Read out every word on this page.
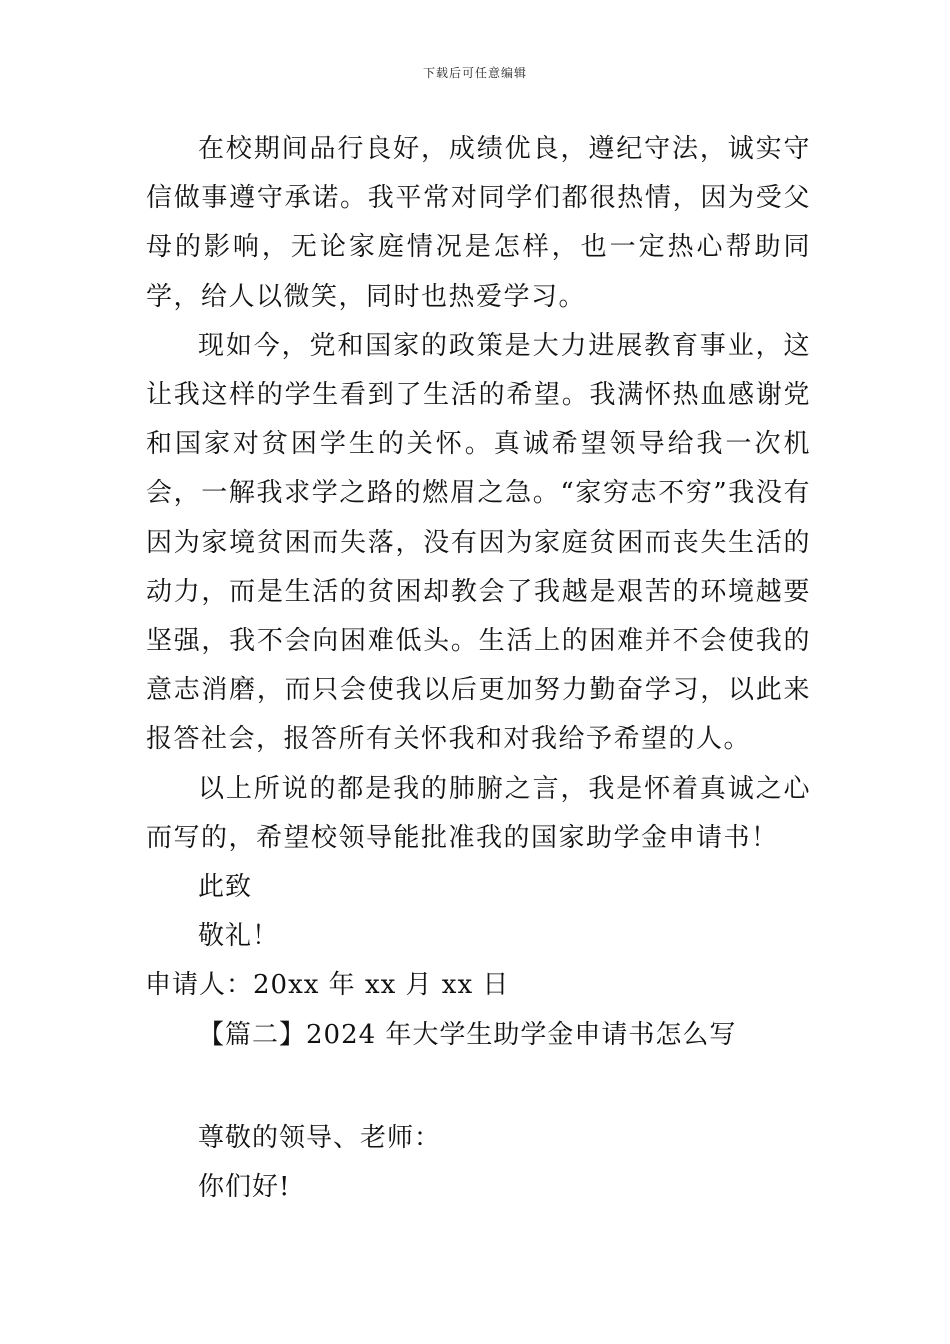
下载后可任意编辑

在校期间品行良好，成绩优良，遵纪守法，诚实守信做事遵守承诺。我平常对同学们都很热情，因为受父母的影响，无论家庭情况是怎样，也一定热心帮助同学，给人以微笑，同时也热爱学习。

现如今，党和国家的政策是大力进展教育事业，这让我这样的学生看到了生活的希望。我满怀热血感谢党和国家对贫困学生的关怀。真诚希望领导给我一次机会，一解我求学之路的燃眉之急。“家穷志不穷”我没有因为家境贫困而失落，没有因为家庭贫困而丧失生活的动力，而是生活的贫困却教会了我越是艰苦的环境越要坚强，我不会向困难低头。生活上的困难并不会使我的意志消磨，而只会使我以后更加努力勤奋学习，以此来报答社会，报答所有关怀我和对我给予希望的人。

以上所说的都是我的肺腑之言，我是怀着真诚之心而写的，希望校领导能批准我的国家助学金申请书！

此致

敬礼！

申请人：20xx 年 xx 月 xx 日

【篇二】2024 年大学生助学金申请书怎么写

尊敬的领导、老师：

你们好!
